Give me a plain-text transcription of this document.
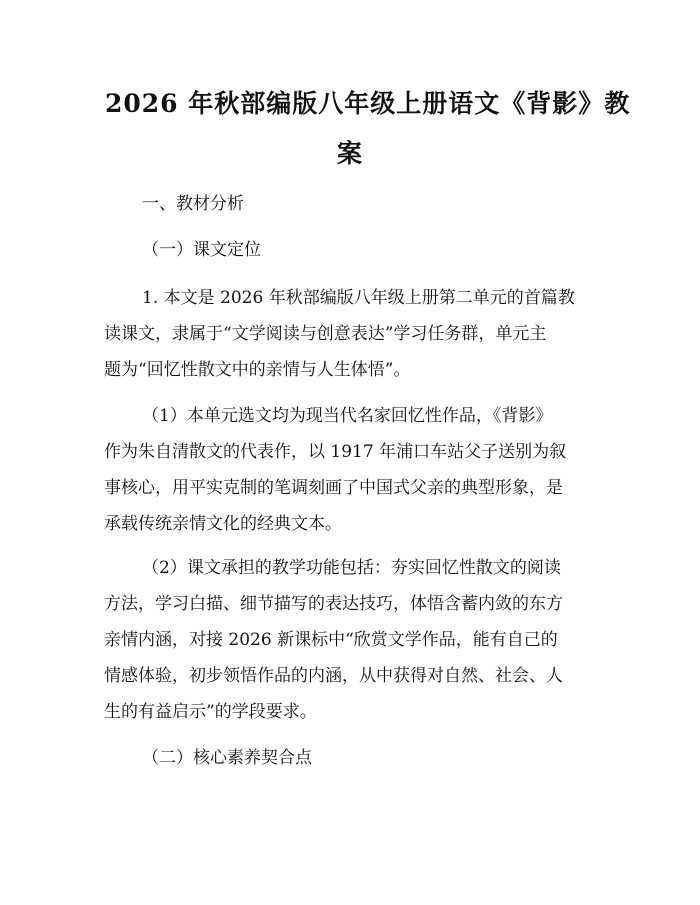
2026 年秋部编版八年级上册语文《背影》教
案

一、教材分析

（一）课文定位

1. 本文是 2026 年秋部编版八年级上册第二单元的首篇教
读课文，隶属于“文学阅读与创意表达”学习任务群，单元主
题为“回忆性散文中的亲情与人生体悟”。
（1）本单元选文均为现当代名家回忆性作品，《背影》
作为朱自清散文的代表作，以 1917 年浦口车站父子送别为叙
事核心，用平实克制的笔调刻画了中国式父亲的典型形象，是
承载传统亲情文化的经典文本。
（2）课文承担的教学功能包括：夯实回忆性散文的阅读
方法，学习白描、细节描写的表达技巧，体悟含蓄内敛的东方
亲情内涵，对接 2026 新课标中“欣赏文学作品，能有自己的
情感体验，初步领悟作品的内涵，从中获得对自然、社会、人
生的有益启示”的学段要求。

（二）核心素养契合点
